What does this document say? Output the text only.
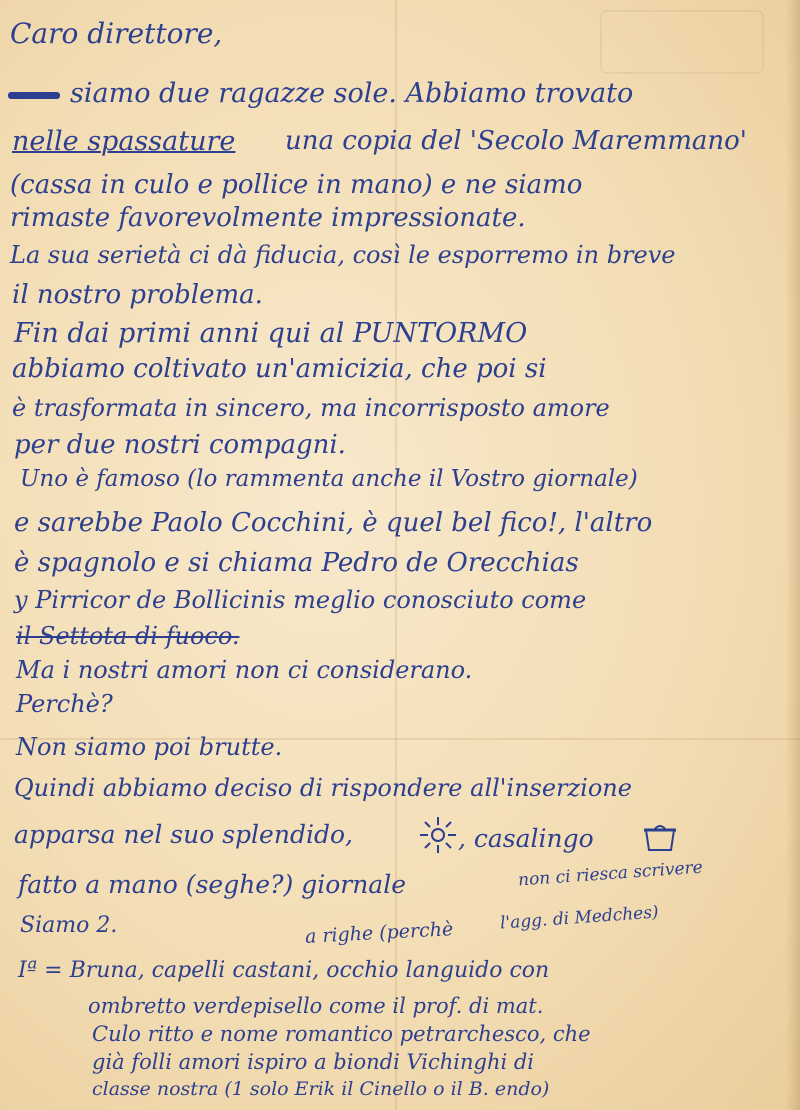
Caro direttore,
siamo due ragazze sole. Abbiamo trovato
nelle spassature una copia del 'Secolo Maremmano'
(cassa in culo e pollice in mano) e ne siamo
rimaste favorevolmente impressionate.
La sua serietà ci dà fiducia, così le esporremo in breve
il nostro problema.
Fin dai primi anni qui al PUNTORMO
abbiamo coltivato un'amicizia, che poi si
è trasformata in sincero, ma incorrisposto amore
per due nostri compagni.
Uno è famoso (lo rammenta anche il Vostro giornale)
e sarebbe Paolo Cocchini, è quel bel fico!, l'altro
è spagnolo e si chiama Pedro de Orecchias
y Pirricor de Bollicinis meglio conosciuto come
il Settota di fuoco.
Ma i nostri amori non ci considerano.
Perchè?
Non siamo poi brutte.
Quindi abbiamo deciso di rispondere all'inserzione
apparsa nel suo splendido,	, casalingo
fatto a mano (seghe?) giornale	non ci riesca scrivere
Siamo 2.	a righe (perchè	l'agg. di Medches)
Iª = Bruna, capelli castani, occhio languido con
ombretto verdepisello come il prof. di mat.
Culo ritto e nome romantico petrarchesco, che
già folli amori ispiro a biondi Vichinghi di
classe nostra (1 solo Erik il Cinello o il B. endo)
